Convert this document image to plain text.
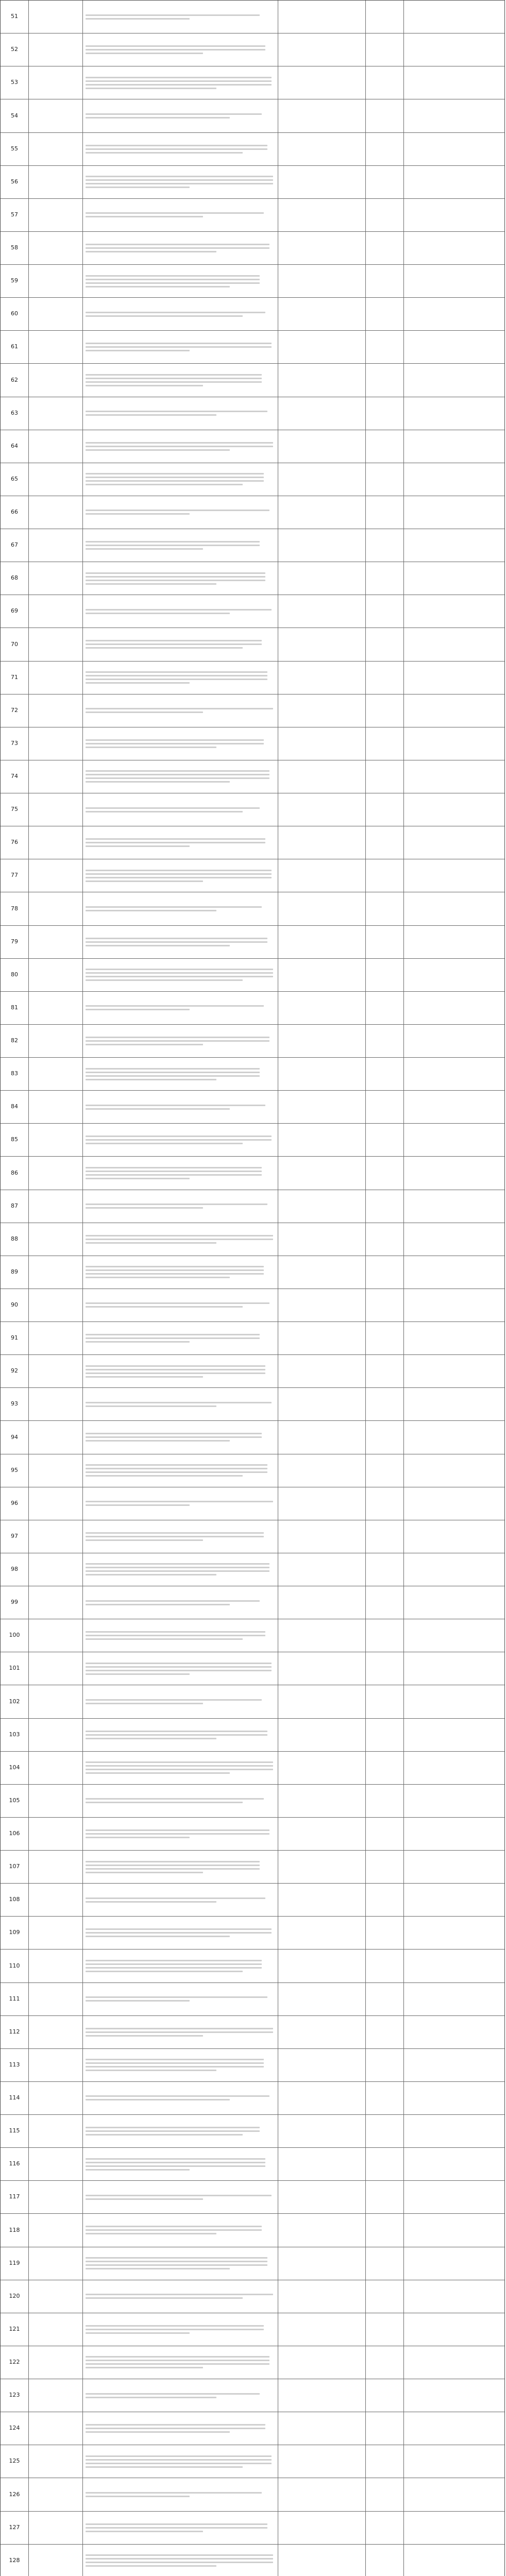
51
52
53
54
55
56
57
58
59
60
61
62
63
64
65
66
67
68
69
70
71
72
73
74
75
76
77
78
79
80
81
82
83
84
85
86
87
88
89
90
91
92
93
94
95
96
97
98
99
100
101
102
103
104
105
106
107
108
109
110
111
112
113
114
115
116
117
118
119
120
121
122
123
124
125
126
127
128
